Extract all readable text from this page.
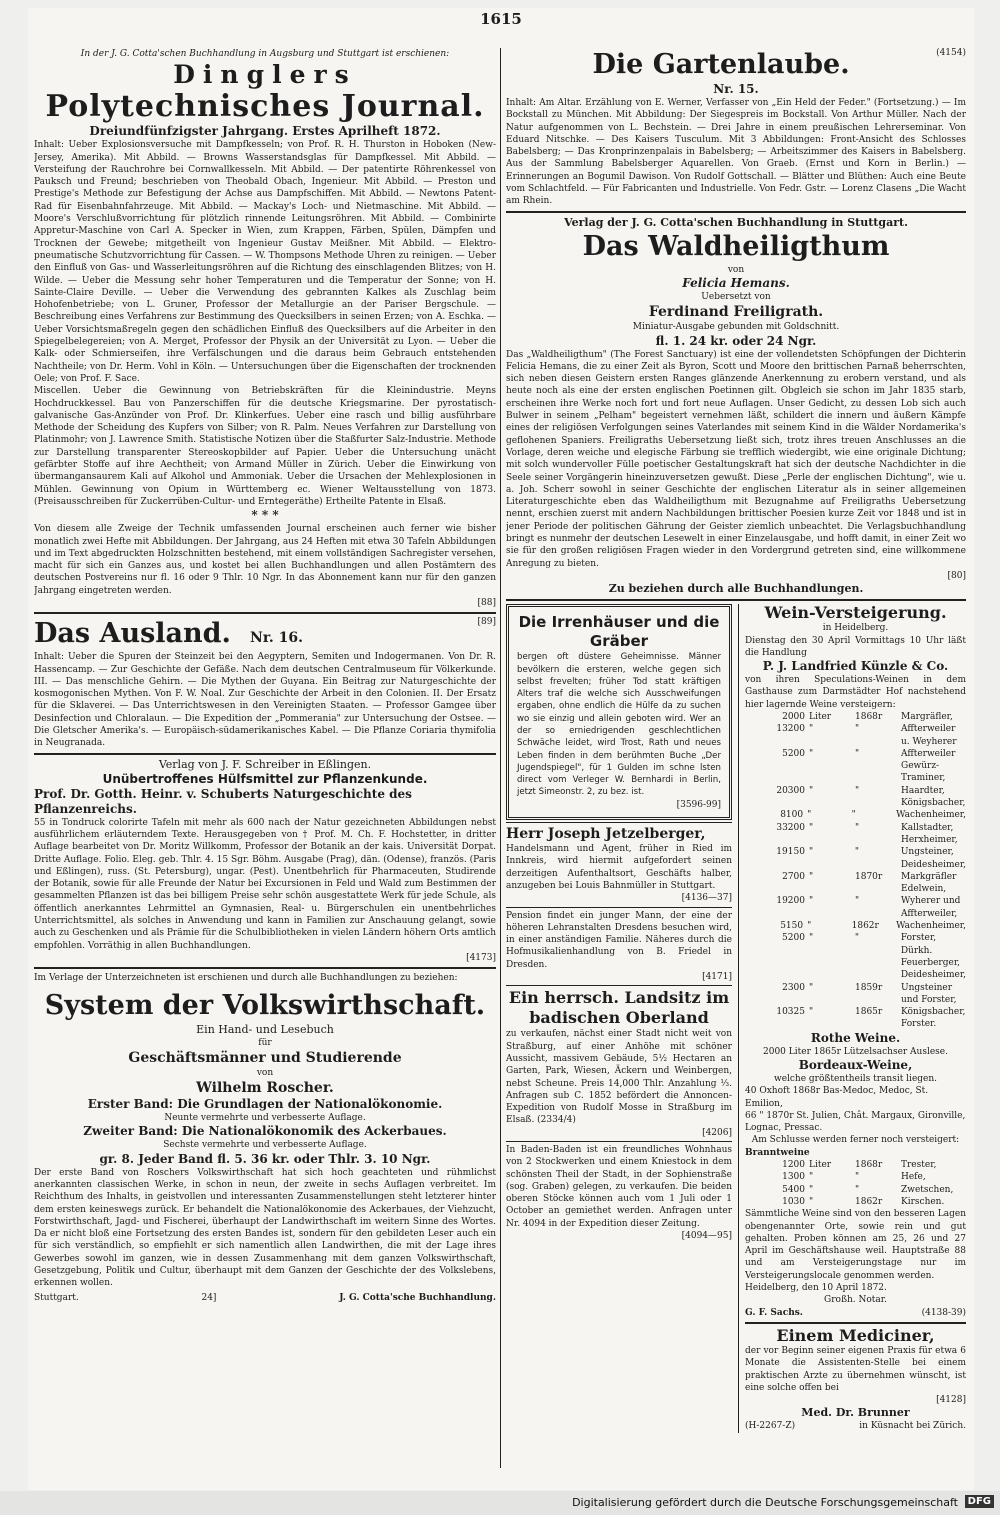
1615
In der J. G. Cotta'schen Buchhandlung in Augsburg und Stuttgart ist erschienen:
Dinglers
Polytechnisches Journal.
Dreiundfünfzigster Jahrgang. Erstes Aprilheft 1872.

Inhalt: Ueber Explosionsversuche mit Dampfkesseln; von Prof. R. H. Thurston in Hoboken (New-Jersey, Amerika). Mit Abbild. — Browns Wasserstandsglas für Dampfkessel. Mit Abbild. — Versteifung der Rauchrohre bei Cornwallkesseln. Mit Abbild. — Der patentirte Röhrenkessel von Pauksch und Freund; beschrieben von Theobald Obach, Ingenieur. Mit Abbild. — Preston und Prestige's Methode zur Befestigung der Achse aus Dampfschiffen. Mit Abbild. — Newtons Patent-Rad für Eisenbahnfahrzeuge. Mit Abbild. — Mackay's Loch- und Nietmaschine. Mit Abbild. — Moore's Verschlußvorrichtung für plötzlich rinnende Leitungsröhren. Mit Abbild. — Combinirte Appretur-Maschine von Carl A. Specker in Wien, zum Krappen, Färben, Spülen, Dämpfen und Trocknen der Gewebe; mitgetheilt von Ingenieur Gustav Meißner. Mit Abbild. — Elektro-pneumatische Schutzvorrichtung für Cassen. — W. Thompsons Methode Uhren zu reinigen. — Ueber den Einfluß von Gas- und Wasserleitungsröhren auf die Richtung des einschlagenden Blitzes; von H. Wilde. — Ueber die Messung sehr hoher Temperaturen und die Temperatur der Sonne; von H. Sainte-Claire Deville. — Ueber die Verwendung des gebrannten Kalkes als Zuschlag beim Hohofenbetriebe; von L. Gruner, Professor der Metallurgie an der Pariser Bergschule. — Beschreibung eines Verfahrens zur Bestimmung des Quecksilbers in seinen Erzen; von A. Eschka. — Ueber Vorsichtsmaßregeln gegen den schädlichen Einfluß des Quecksilbers auf die Arbeiter in den Spiegelbelegereien; von A. Merget, Professor der Physik an der Universität zu Lyon. — Ueber die Kalk- oder Schmierseifen, ihre Verfälschungen und die daraus beim Gebrauch entstehenden Nachtheile; von Dr. Herm. Vohl in Köln. — Untersuchungen über die Eigenschaften der trocknenden Oele; von Prof. F. Sace.

Miscellen. Ueber die Gewinnung von Betriebskräften für die Kleinindustrie. Meyns Hochdruckkessel. Bau von Panzerschiffen für die deutsche Kriegsmarine. Der pyrostatisch-galvanische Gas-Anzünder von Prof. Dr. Klinkerfues. Ueber eine rasch und billig ausführbare Methode der Scheidung des Kupfers von Silber; von R. Palm. Neues Verfahren zur Darstellung von Platinmohr; von J. Lawrence Smith. Statistische Notizen über die Staßfurter Salz-Industrie. Methode zur Darstellung transparenter Stereoskopbilder auf Papier. Ueber die Untersuchung unächt gefärbter Stoffe auf ihre Aechtheit; von Armand Müller in Zürich. Ueber die Einwirkung von übermangansaurem Kali auf Alkohol und Ammoniak. Ueber die Ursachen der Mehlexplosionen in Mühlen. Gewinnung von Opium in Württemberg ec. Wiener Weltausstellung von 1873. (Preisausschreiben für Zuckerrüben-Cultur- und Erntegeräthe) Ertheilte Patente in Elsaß.

* * *

Von diesem alle Zweige der Technik umfassenden Journal erscheinen auch ferner wie bisher monatlich zwei Hefte mit Abbildungen. Der Jahrgang, aus 24 Heften mit etwa 30 Tafeln Abbildungen und im Text abgedruckten Holzschnitten bestehend, mit einem vollständigen Sachregister versehen, macht für sich ein Ganzes aus, und kostet bei allen Buchhandlungen und allen Postämtern des deutschen Postvereins nur fl. 16 oder 9 Thlr. 10 Ngr. In das Abonnement kann nur für den ganzen Jahrgang eingetreten werden.

[88]
Das Ausland. Nr. 16.
[89]

Inhalt: Ueber die Spuren der Steinzeit bei den Aegyptern, Semiten und Indogermanen. Von Dr. R. Hassencamp. — Zur Geschichte der Gefäße. Nach dem deutschen Centralmuseum für Völkerkunde. III. — Das menschliche Gehirn. — Die Mythen der Guyana. Ein Beitrag zur Naturgeschichte der kosmogonischen Mythen. Von F. W. Noal. Zur Geschichte der Arbeit in den Colonien. II. Der Ersatz für die Sklaverei. — Das Unterrichtswesen in den Vereinigten Staaten. — Professor Gamgee über Desinfection und Chloralaun. — Die Expedition der „Pommerania" zur Untersuchung der Ostsee. — Die Gletscher Amerika's. — Europäisch-südamerikanisches Kabel. — Die Pflanze Coriaria thymifolia in Neugranada.

Verlag von J. F. Schreiber in Eßlingen.
Unübertroffenes Hülfsmittel zur Pflanzenkunde.
Prof. Dr. Gotth. Heinr. v. Schuberts Naturgeschichte des Pflanzenreichs.

55 in Tondruck colorirte Tafeln mit mehr als 600 nach der Natur gezeichneten Abbildungen nebst ausführlichem erläuterndem Texte. Herausgegeben von † Prof. M. Ch. F. Hochstetter, in dritter Auflage bearbeitet von Dr. Moritz Willkomm, Professor der Botanik an der kais. Universität Dorpat. Dritte Auflage. Folio. Eleg. geb. Thlr. 4. 15 Sgr. Böhm. Ausgabe (Prag), dän. (Odense), französ. (Paris und Eßlingen), russ. (St. Petersburg), ungar. (Pest). Unentbehrlich für Pharmaceuten, Studirende der Botanik, sowie für alle Freunde der Natur bei Excursionen in Feld und Wald zum Bestimmen der gesammelten Pflanzen ist das bei billigem Preise sehr schön ausgestattete Werk für jede Schule, als öffentlich anerkanntes Lehrmittel an Gymnasien, Real- u. Bürgerschulen ein unentbehrliches Unterrichtsmittel, als solches in Anwendung und kann in Familien zur Anschauung gelangt, sowie auch zu Geschenken und als Prämie für die Schulbibliotheken in vielen Ländern höhern Orts amtlich empfohlen. Vorräthig in allen Buchhandlungen.

[4173]

Im Verlage der Unterzeichneten ist erschienen und durch alle Buchhandlungen zu beziehen:

System der Volkswirthschaft.
Ein Hand- und Lesebuch
für
Geschäftsmänner und Studierende
von
Wilhelm Roscher.
Erster Band: Die Grundlagen der Nationalökonomie.
Neunte vermehrte und verbesserte Auflage.
Zweiter Band: Die Nationalökonomik des Ackerbaues.
Sechste vermehrte und verbesserte Auflage.
gr. 8. Jeder Band fl. 5. 36 kr. oder Thlr. 3. 10 Ngr.

Der erste Band von Roschers Volkswirthschaft hat sich hoch geachteten und rühmlichst anerkannten classischen Werke, in schon in neun, der zweite in sechs Auflagen verbreitet. Im Reichthum des Inhalts, in geistvollen und interessanten Zusammenstellungen steht letzterer hinter dem ersten keineswegs zurück. Er behandelt die Nationalökonomie des Ackerbaues, der Viehzucht, Forstwirthschaft, Jagd- und Fischerei, überhaupt der Landwirthschaft im weitern Sinne des Wortes. Da er nicht bloß eine Fortsetzung des ersten Bandes ist, sondern für den gebildeten Leser auch ein für sich verständlich, so empfiehlt er sich namentlich allen Landwirthen, die mit der Lage ihres Gewerbes sowohl im ganzen, wie in dessen Zusammenhang mit dem ganzen Volkswirthschaft, Gesetzgebung, Politik und Cultur, überhaupt mit dem Ganzen der Geschichte der des Volkslebens, erkennen wollen.

Stuttgart.	24]	J. G. Cotta'sche Buchhandlung.
Die Gartenlaube.	(4154)
Nr. 15.

Inhalt: Am Altar. Erzählung von E. Werner, Verfasser von „Ein Held der Feder." (Fortsetzung.) — Im Bockstall zu München. Mit Abbildung: Der Siegespreis im Bockstall. Von Arthur Müller. Nach der Natur aufgenommen von L. Bechstein. — Drei Jahre in einem preußischen Lehrerseminar. Von Eduard Nitschke. — Des Kaisers Tusculum. Mit 3 Abbildungen: Front-Ansicht des Schlosses Babelsberg; — Das Kronprinzenpalais in Babelsberg; — Arbeitszimmer des Kaisers in Babelsberg. Aus der Sammlung Babelsberger Aquarellen. Von Graeb. (Ernst und Korn in Berlin.) — Erinnerungen an Bogumil Dawison. Von Rudolf Gottschall. — Blätter und Blüthen: Auch eine Beute vom Schlachtfeld. — Für Fabricanten und Industrielle. Von Fedr. Gstr. — Lorenz Clasens „Die Wacht am Rhein.

Verlag der J. G. Cotta'schen Buchhandlung in Stuttgart.
Das Waldheiligthum
von
Felicia Hemans.
Uebersetzt von
Ferdinand Freiligrath.
Miniatur-Ausgabe gebunden mit Goldschnitt.
fl. 1. 24 kr. oder 24 Ngr.

Das „Waldheiligthum" (The Forest Sanctuary) ist eine der vollendetsten Schöpfungen der Dichterin Felicia Hemans, die zu einer Zeit als Byron, Scott und Moore den brittischen Parnaß beherrschten, sich neben diesen Geistern ersten Ranges glänzende Anerkennung zu erobern verstand, und als heute noch als eine der ersten englischen Poetinnen gilt. Obgleich sie schon im Jahr 1835 starb, erscheinen ihre Werke noch fort und fort neue Auflagen. Unser Gedicht, zu dessen Lob sich auch Bulwer in seinem „Pelham" begeistert vernehmen läßt, schildert die innern und äußern Kämpfe eines der religiösen Verfolgungen seines Vaterlandes mit seinem Kind in die Wälder Nordamerika's geflohenen Spaniers. Freiligraths Uebersetzung ließt sich, trotz ihres treuen Anschlusses an die Vorlage, deren weiche und elegische Färbung sie trefflich wiedergibt, wie eine originale Dichtung; mit solch wundervoller Fülle poetischer Gestaltungskraft hat sich der deutsche Nachdichter in die Seele seiner Vorgängerin hineinzuversetzen gewußt. Diese „Perle der englischen Dichtung", wie u. a. Joh. Scherr sowohl in seiner Geschichte der englischen Literatur als in seiner allgemeinen Literaturgeschichte eben das Waldheiligthum mit Bezugnahme auf Freiligraths Uebersetzung nennt, erschien zuerst mit andern Nachbildungen brittischer Poesien kurze Zeit vor 1848 und ist in jener Periode der politischen Gährung der Geister ziemlich unbeachtet. Die Verlagsbuchhandlung bringt es nunmehr der deutschen Lesewelt in einer Einzelausgabe, und hofft damit, in einer Zeit wo sie für den großen religiösen Fragen wieder in den Vordergrund getreten sind, eine willkommene Anregung zu bieten.

[80]
Zu beziehen durch alle Buchhandlungen.
Die Irrenhäuser und die Gräber

bergen oft düstere Geheimnisse. Männer bevölkern die ersteren, welche gegen sich selbst frevelten; früher Tod statt kräftigen Alters traf die welche sich Ausschweifungen ergaben, ohne endlich die Hülfe da zu suchen wo sie einzig und allein geboten wird. Wer an der so erniedrigenden geschlechtlichen Schwäche leidet, wird Trost, Rath und neues Leben finden in dem berühmten Buche „Der Jugendspiegel", für 1 Gulden im schne lsten direct vom Verleger W. Bernhardi in Berlin, jetzt Simeonstr. 2, zu bez. ist.

[3596-99]
Herr Joseph Jetzelberger,

Handelsmann und Agent, früher in Ried im Innkreis, wird hiermit aufgefordert seinen derzeitigen Aufenthaltsort, Geschäfts halber, anzugeben bei Louis Bahnmüller in Stuttgart.

[4136—37]

Pension findet ein junger Mann, der eine der höheren Lehranstalten Dresdens besuchen wird, in einer anständigen Familie. Näheres durch die Hofmusikalienhandlung von B. Friedel in Dresden.

[4171]
Ein herrsch. Landsitz im badischen Oberland

zu verkaufen, nächst einer Stadt nicht weit von Straßburg, auf einer Anhöhe mit schöner Aussicht, massivem Gebäude, 5½ Hectaren an Garten, Park, Wiesen, Äckern und Weinbergen, nebst Scheune. Preis 14,000 Thlr. Anzahlung ⅓. Anfragen sub C. 1852 befördert die Annoncen-Expedition von Rudolf Mosse in Straßburg im Elsaß. (2334/4)

[4206]

In Baden-Baden ist ein freundliches Wohnhaus von 2 Stockwerken und einem Kniestock in dem schönsten Theil der Stadt, in der Sophienstraße (sog. Graben) gelegen, zu verkaufen. Die beiden oberen Stöcke können auch vom 1 Juli oder 1 October an gemiethet werden. Anfragen unter Nr. 4094 in der Expedition dieser Zeitung.

[4094—95]
Wein-Versteigerung.
in Heidelberg.

Dienstag den 30 April Vormittags 10 Uhr läßt die Handlung

P. J. Landfried Künzle & Co.

von ihren Speculations-Weinen in dem Gasthause zum Darmstädter Hof nachstehend hier lagernde Weine versteigern:

2000 Liter	1868r	Margräfler,
13200 "	"	Affterweiler u. Weyherer
5200 "	"	Affterweiler Gewürz-Traminer,
20300 "	"	Haardter, Königsbacher,
8100 "	"	Wachenheimer,
33200 "	"	Kallstadter, Herxheimer,
19150 "	"	Ungsteiner, Deidesheimer,
2700 "	1870r	Markgräfler Edelwein,
19200 "	"	Wyherer und Affterweiler,
5150 "	1862r	Wachenheimer,
5200 "	"	Forster, Dürkh. Feuerberger, Deidesheimer,
2300 "	1859r	Ungsteiner und Forster,
10325 "	1865r	Königsbacher, Forster.
Rothe Weine.
2000 Liter 1865r Lützelsachser Auslese.
Bordeaux-Weine,
welche größtentheils transit liegen.
40 Oxhoft 1868r Bas-Medoc, Medoc, St. Emilion,
66 " 1870r St. Julien, Chât. Margaux, Gironville, Lognac, Pressac.
Am Schlusse werden ferner noch versteigert:
Branntweine
1200 Liter	1868r	Trester,
1300 "	"	Hefe,
5400 "	"	Zwetschen,
1030 "	1862r	Kirschen.

Sämmtliche Weine sind von den besseren Lagen obengenannter Orte, sowie rein und gut gehalten. Proben können am 25, 26 und 27 April im Geschäftshause weil. Hauptstraße 88 und am Versteigerungstage nur im Versteigerungslocale genommen werden.

Heidelberg, den 10 April 1872.
Großh. Notar.
G. F. Sachs.	(4138-39)
Einem Mediciner,

der vor Beginn seiner eigenen Praxis für etwa 6 Monate die Assistenten-Stelle bei einem praktischen Arzte zu übernehmen wünscht, ist eine solche offen bei

[4128]
Med. Dr. Brunner
(H-2267-Z)	in Küsnacht bei Zürich.
Digitalisierung gefördert durch die Deutsche Forschungsgemeinschaft DFG
